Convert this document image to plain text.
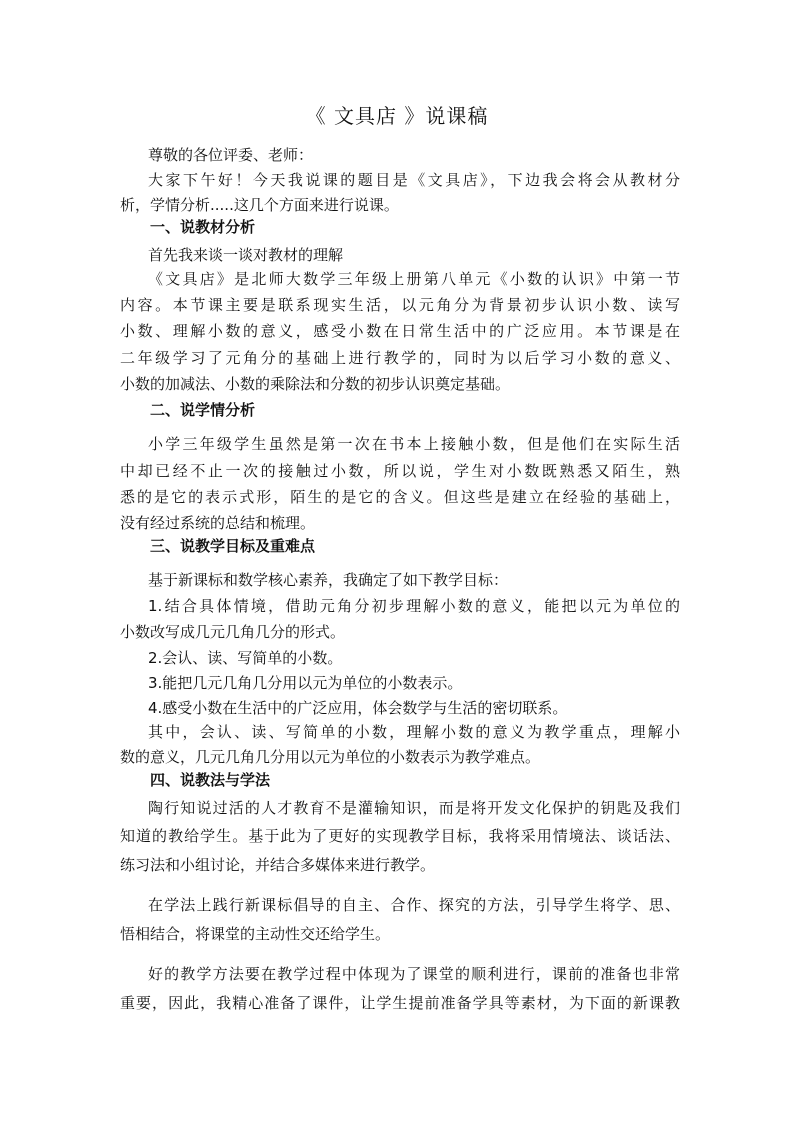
《 文具店 》说课稿
尊敬的各位评委、老师：
大家下午好！今天我说课的题目是《文具店》，下边我会将会从教材分
析，学情分析.....这几个方面来进行说课。
一、说教材分析
首先我来谈一谈对教材的理解
《文具店》是北师大数学三年级上册第八单元《小数的认识》中第一节
内容。本节课主要是联系现实生活，以元角分为背景初步认识小数、读写
小数、理解小数的意义，感受小数在日常生活中的广泛应用。本节课是在
二年级学习了元角分的基础上进行教学的，同时为以后学习小数的意义、
小数的加减法、小数的乘除法和分数的初步认识奠定基础。
二、说学情分析
小学三年级学生虽然是第一次在书本上接触小数，但是他们在实际生活
中却已经不止一次的接触过小数，所以说，学生对小数既熟悉又陌生，熟
悉的是它的表示式形，陌生的是它的含义。但这些是建立在经验的基础上，
没有经过系统的总结和梳理。
三、说教学目标及重难点
基于新课标和数学核心素养，我确定了如下教学目标：
1.结合具体情境，借助元角分初步理解小数的意义，能把以元为单位的
小数改写成几元几角几分的形式。
2.会认、读、写简单的小数。
3.能把几元几角几分用以元为单位的小数表示。
4.感受小数在生活中的广泛应用，体会数学与生活的密切联系。
其中，会认、读、写简单的小数，理解小数的意义为教学重点，理解小
数的意义，几元几角几分用以元为单位的小数表示为教学难点。
四、说教法与学法
陶行知说过活的人才教育不是灌输知识，而是将开发文化保护的钥匙及我们
知道的教给学生。基于此为了更好的实现教学目标，我将采用情境法、谈话法、
练习法和小组讨论，并结合多媒体来进行教学。
在学法上践行新课标倡导的自主、合作、探究的方法，引导学生将学、思、
悟相结合，将课堂的主动性交还给学生。
好的教学方法要在教学过程中体现为了课堂的顺利进行，课前的准备也非常
重要，因此，我精心准备了课件，让学生提前准备学具等素材，为下面的新课教
